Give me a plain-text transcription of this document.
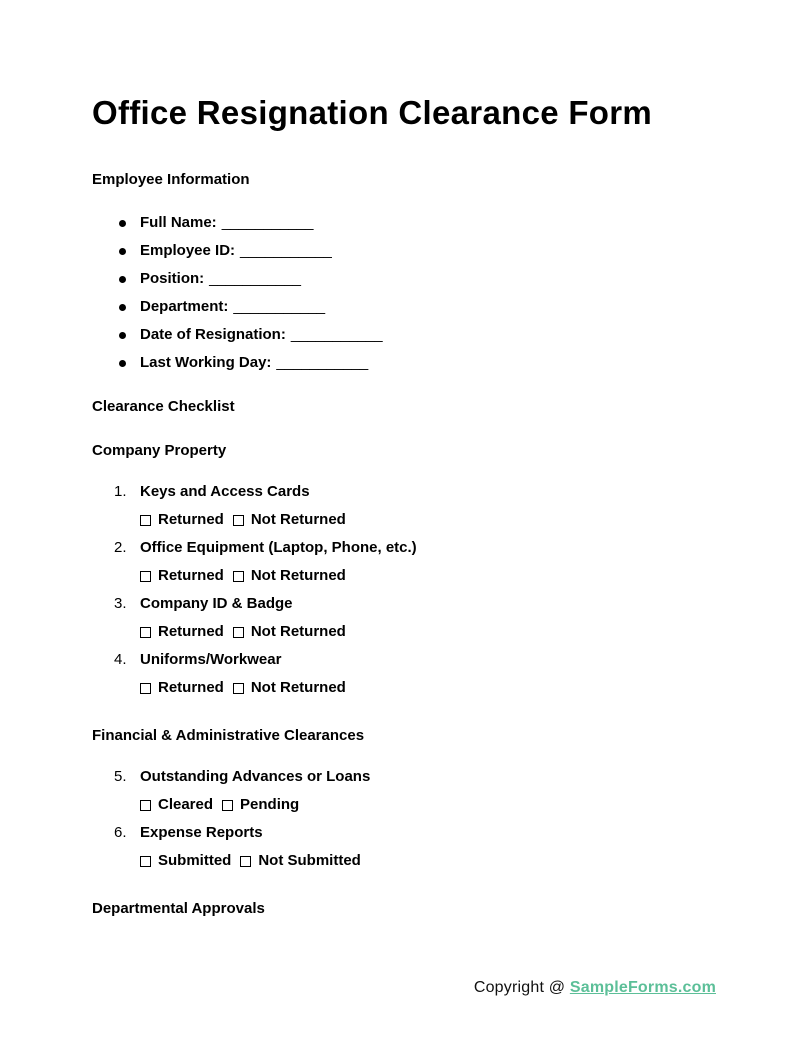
Office Resignation Clearance Form
Employee Information
Full Name: ___________
Employee ID: ___________
Position: ___________
Department: ___________
Date of Resignation: ___________
Last Working Day: ___________
Clearance Checklist
Company Property
1. Keys and Access Cards
Returned Not Returned
2. Office Equipment (Laptop, Phone, etc.)
Returned Not Returned
3. Company ID & Badge
Returned Not Returned
4. Uniforms/Workwear
Returned Not Returned
Financial & Administrative Clearances
5. Outstanding Advances or Loans
Cleared Pending
6. Expense Reports
Submitted Not Submitted
Departmental Approvals
Copyright @ SampleForms.com
